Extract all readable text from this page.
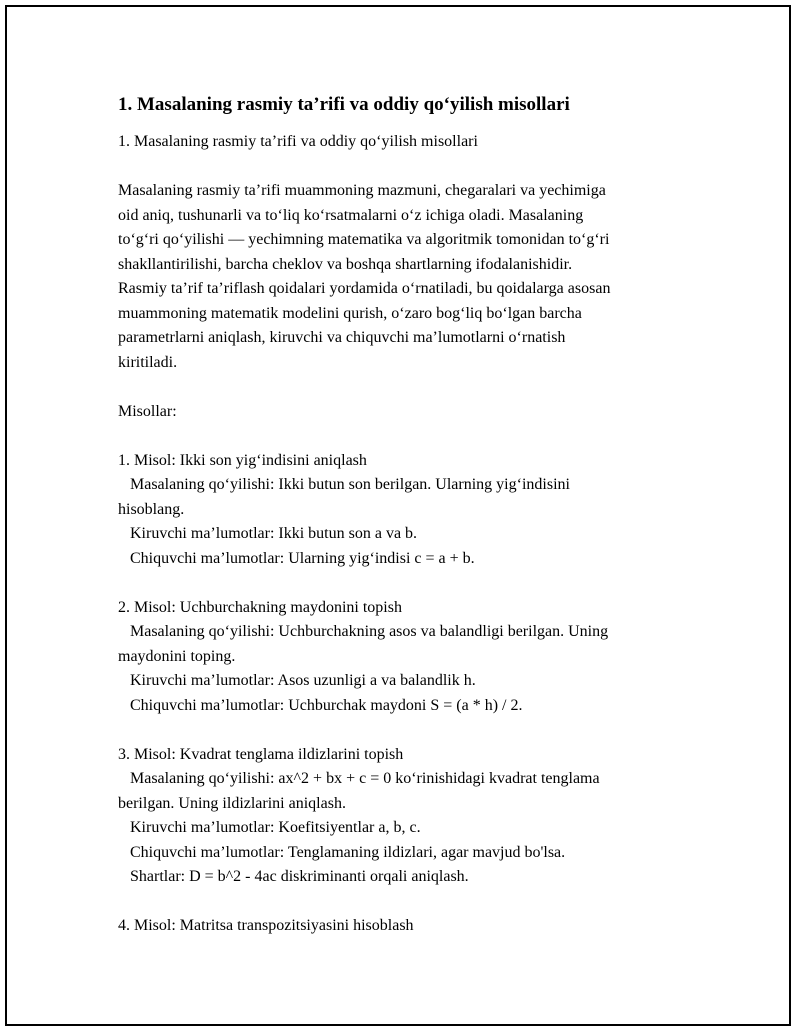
1. Masalaning rasmiy ta’rifi va oddiy qo‘yilish misollari

1. Masalaning rasmiy ta’rifi va oddiy qo‘yilish misollari

Masalaning rasmiy ta’rifi muammoning mazmuni, chegaralari va yechimiga

oid aniq, tushunarli va to‘liq ko‘rsatmalarni o‘z ichiga oladi. Masalaning

to‘g‘ri qo‘yilishi — yechimning matematika va algoritmik tomonidan to‘g‘ri

shakllantirilishi, barcha cheklov va boshqa shartlarning ifodalanishidir.

Rasmiy ta’rif ta’riflash qoidalari yordamida o‘rnatiladi, bu qoidalarga asosan

muammoning matematik modelini qurish, o‘zaro bog‘liq bo‘lgan barcha

parametrlarni aniqlash, kiruvchi va chiquvchi ma’lumotlarni o‘rnatish

kiritiladi.

Misollar:

1. Misol: Ikki son yig‘indisini aniqlash

Masalaning qo‘yilishi: Ikki butun son berilgan. Ularning yig‘indisini

hisoblang.

Kiruvchi ma’lumotlar: Ikki butun son a va b.

Chiquvchi ma’lumotlar: Ularning yig‘indisi c = a + b.

2. Misol: Uchburchakning maydonini topish

Masalaning qo‘yilishi: Uchburchakning asos va balandligi berilgan. Uning

maydonini toping.

Kiruvchi ma’lumotlar: Asos uzunligi a va balandlik h.

Chiquvchi ma’lumotlar: Uchburchak maydoni S = (a * h) / 2.

3. Misol: Kvadrat tenglama ildizlarini topish

Masalaning qo‘yilishi: ax^2 + bx + c = 0 ko‘rinishidagi kvadrat tenglama

berilgan. Uning ildizlarini aniqlash.

Kiruvchi ma’lumotlar: Koefitsiyentlar a, b, c.

Chiquvchi ma’lumotlar: Tenglamaning ildizlari, agar mavjud bo'lsa.

Shartlar: D = b^2 - 4ac diskriminanti orqali aniqlash.

4. Misol: Matritsa transpozitsiyasini hisoblash
